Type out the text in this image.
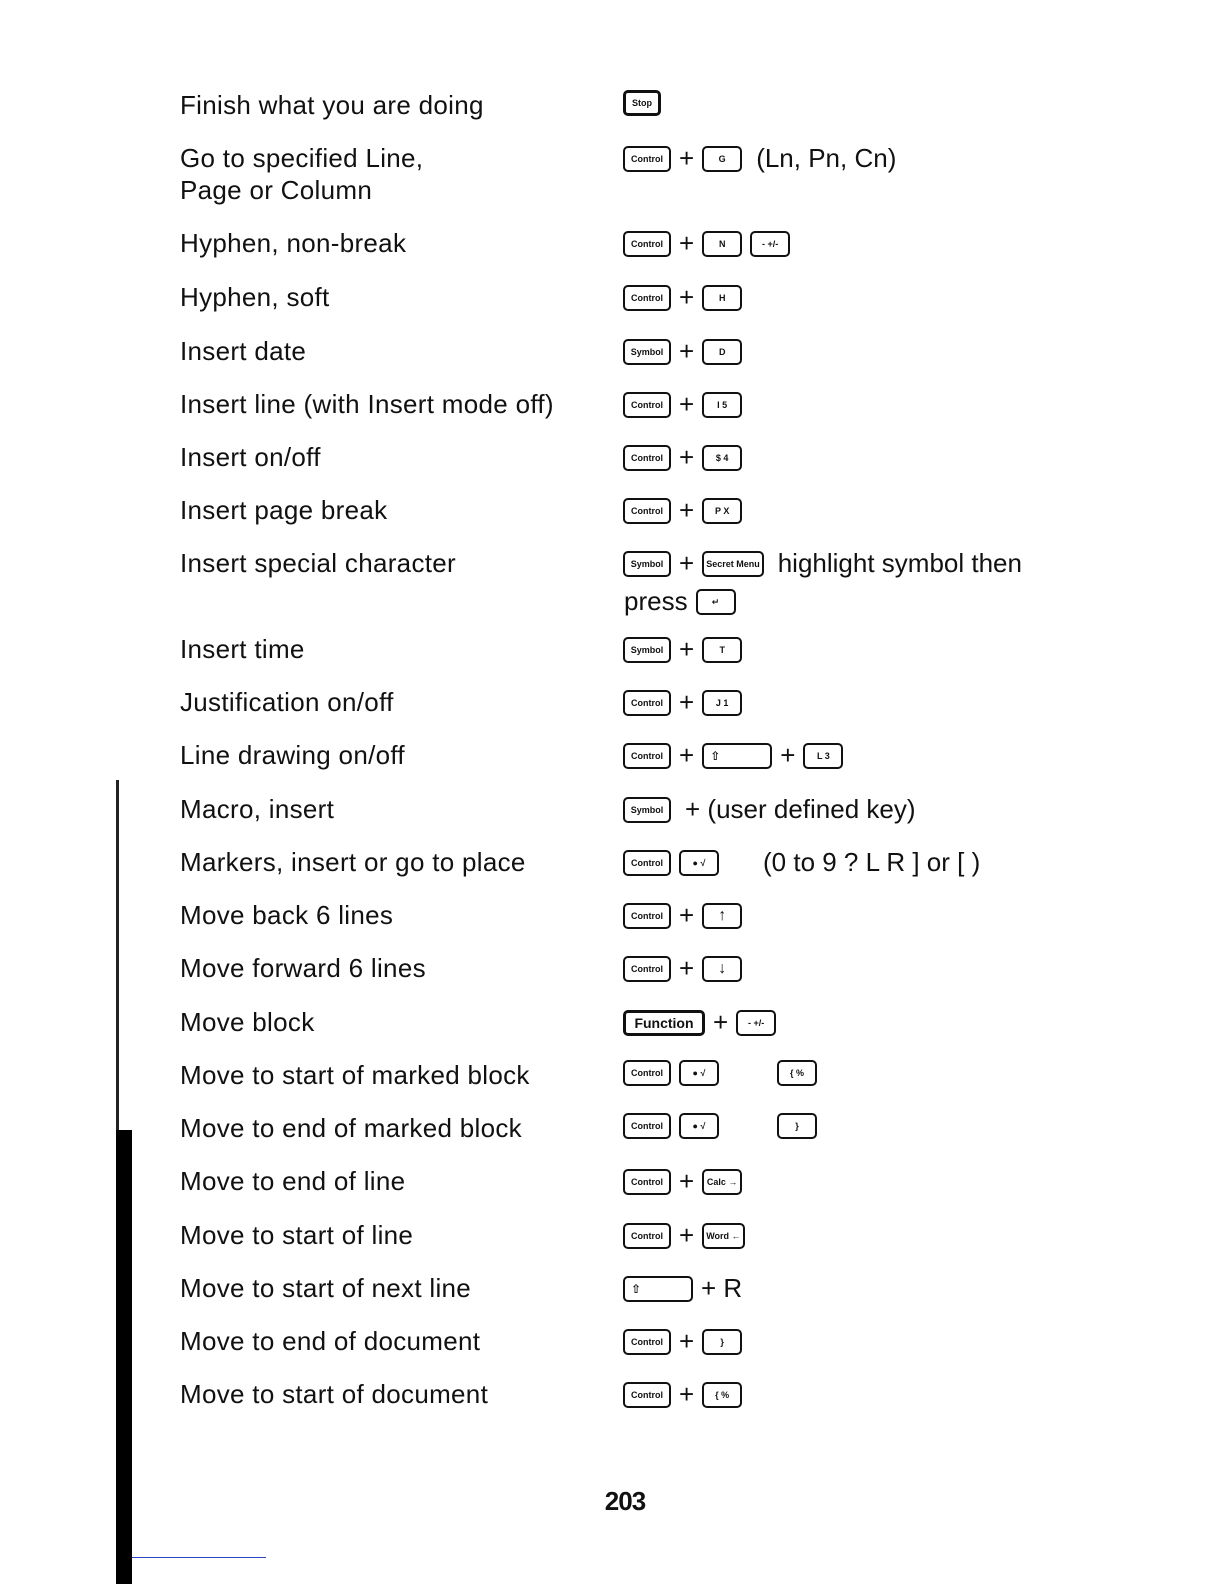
Finish what you are doing	Stop
Go to specified Line,
Page or Column
Control +	G	(Ln, Pn, Cn)
Hyphen, non-break	Control +	N	- +/-
Hyphen, soft	Control +	H
Insert date	Symbol +	D
Insert line (with Insert mode off)	Control +	I 5
Insert on/off	Control +	$ 4
Insert page break	Control +	P X
Insert special character	Symbol +	Secret Menu highlight symbol then
press	↵
Insert time	Symbol +	T
Justification on/off	Control +	J 1
Line drawing on/off	Control +	⇧	+	L 3
Macro, insert	Symbol + (user defined key)
Markers, insert or go to place	Control	● √	(0 to 9 ? L R ] or [ )
Move back 6 lines	Control +	↑
Move forward 6 lines	Control +	↓
Move block	Function +	- +/-
Move to start of marked block	Control	● √	{ %
Move to end of marked block	Control	● √	}
Move to end of line	Control +	Calc →
Move to start of line	Control +	Word ←
Move to start of next line	⇧	+ R
Move to end of document	Control +	}
Move to start of document	Control +	{ %
203
